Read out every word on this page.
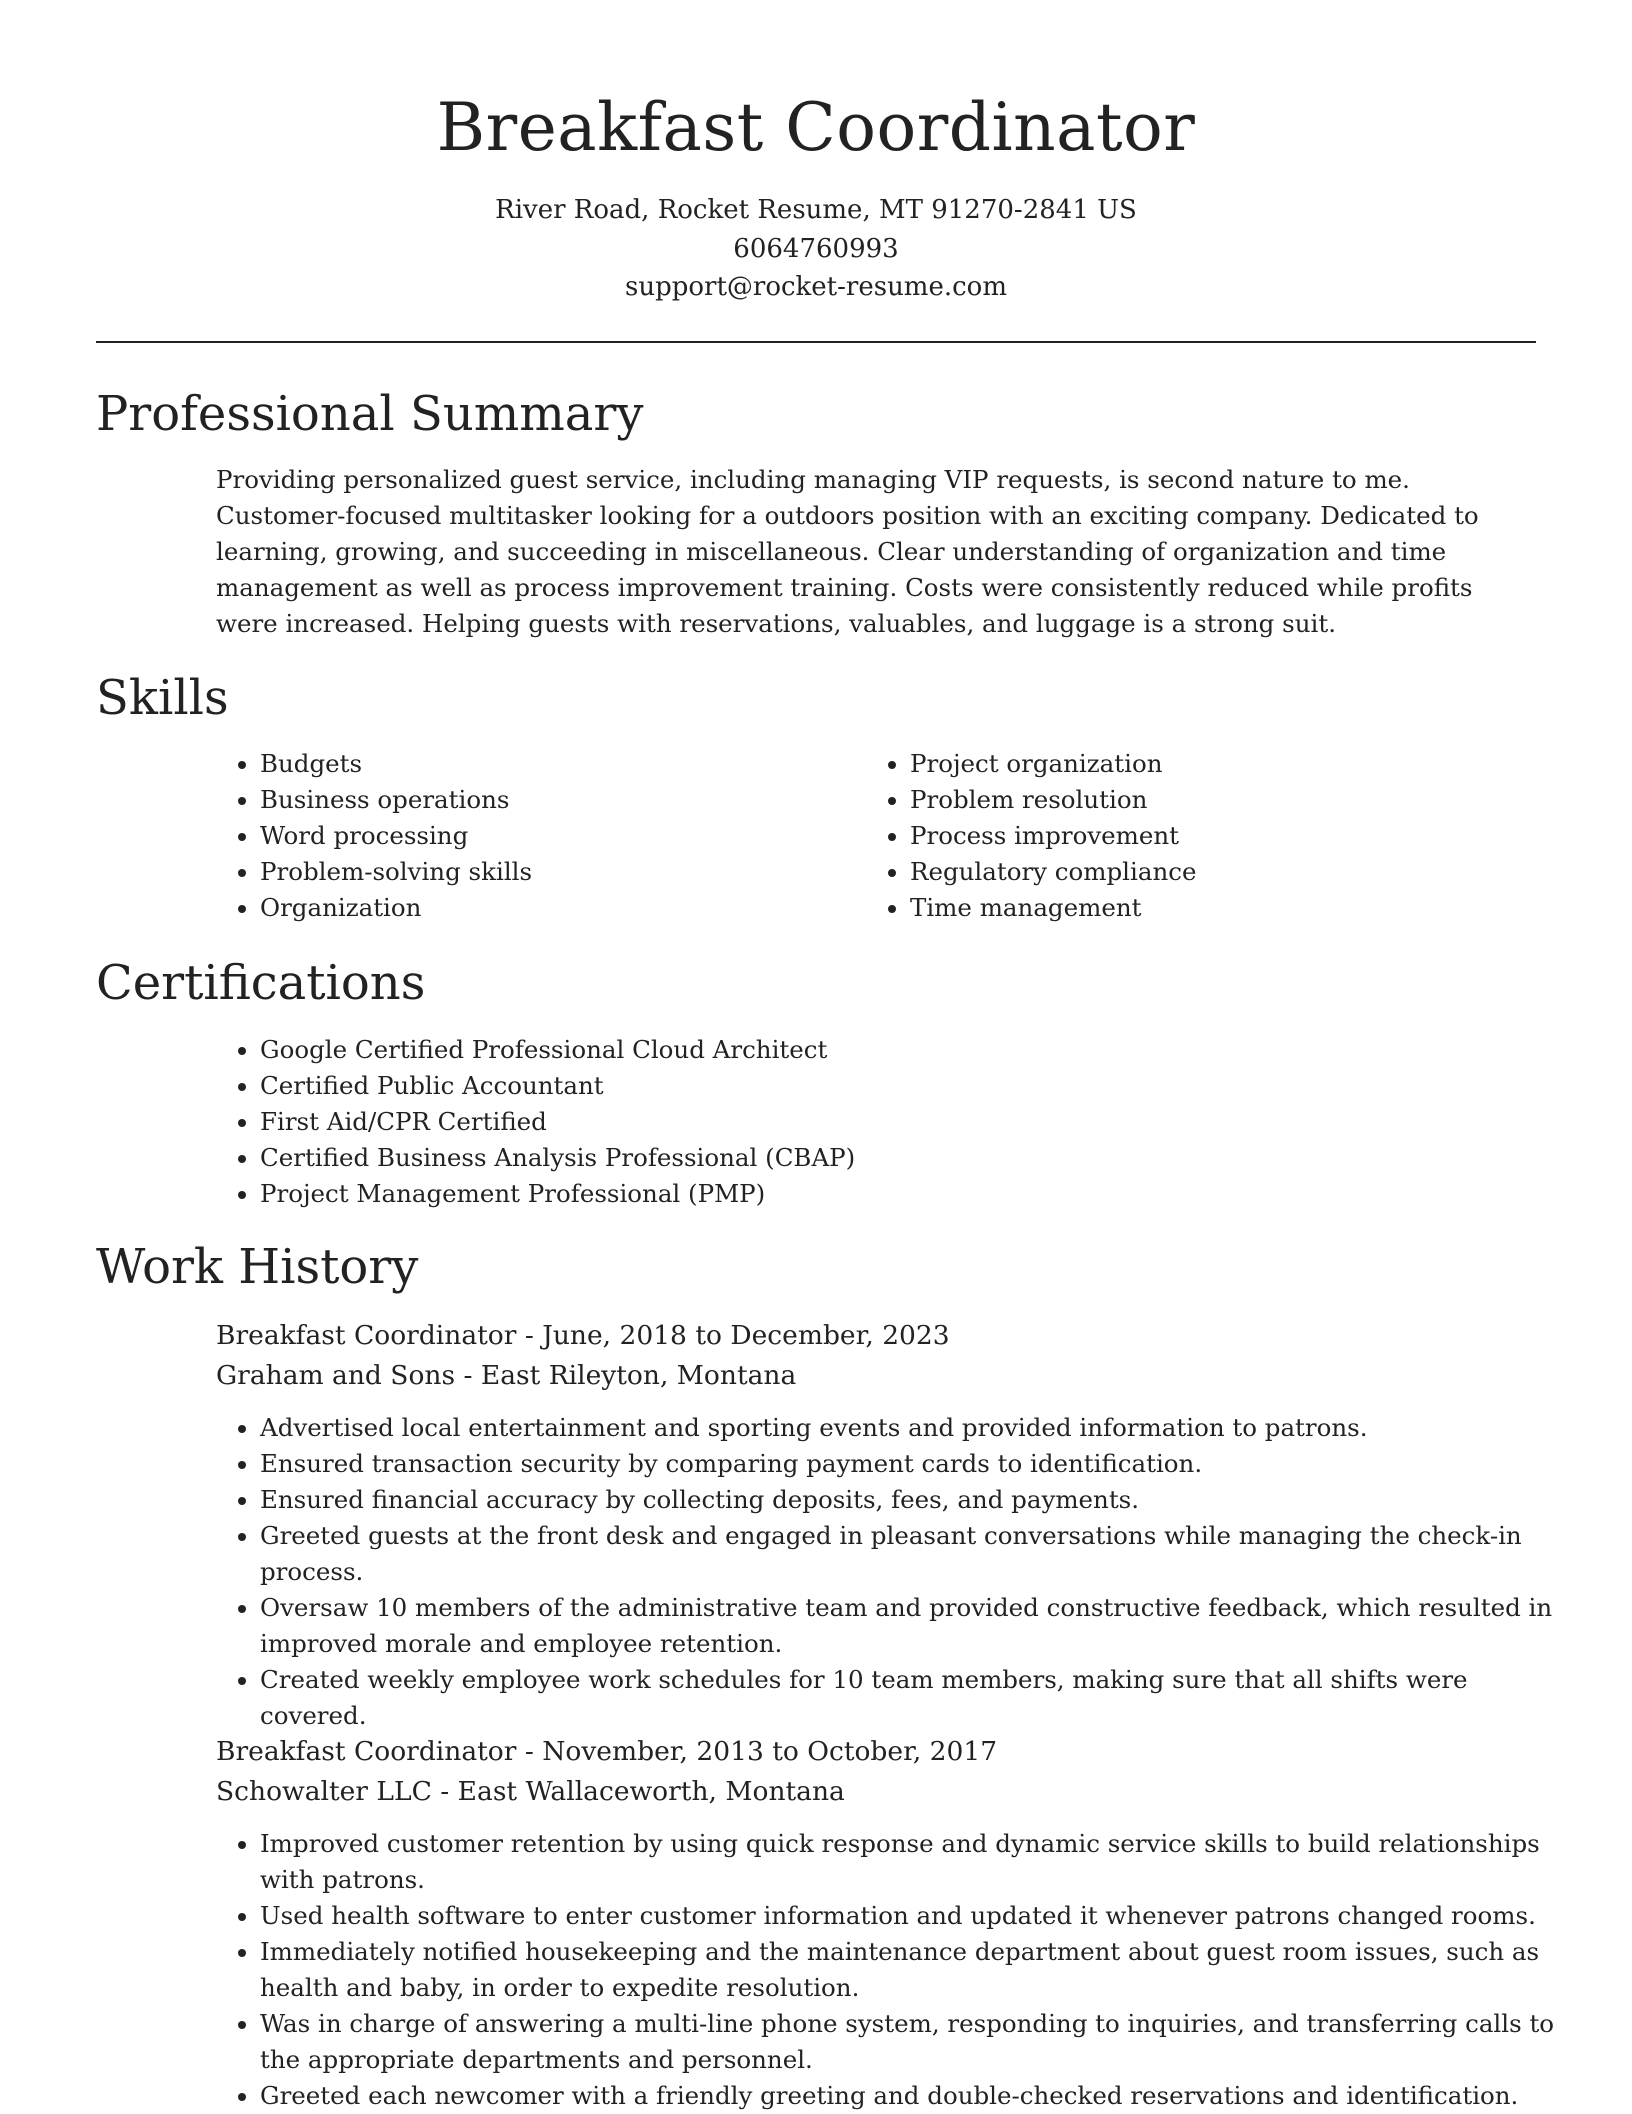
Breakfast Coordinator

River Road, Rocket Resume, MT 91270-2841 US

6064760993

support@rocket-resume.com

Professional Summary

Providing personalized guest service, including managing VIP requests, is second nature to me. Customer-focused multitasker looking for a outdoors position with an exciting company. Dedicated to learning, growing, and succeeding in miscellaneous. Clear understanding of organization and time management as well as process improvement training. Costs were consistently reduced while profits were increased. Helping guests with reservations, valuables, and luggage is a strong suit.

Skills
• Budgets
• Business operations
• Word processing
• Problem-solving skills
• Organization
• Project organization
• Problem resolution
• Process improvement
• Regulatory compliance
• Time management
Certifications
• Google Certified Professional Cloud Architect
• Certified Public Accountant
• First Aid/CPR Certified
• Certified Business Analysis Professional (CBAP)
• Project Management Professional (PMP)
Work History

Breakfast Coordinator - June, 2018 to December, 2023

Graham and Sons - East Rileyton, Montana

• Advertised local entertainment and sporting events and provided information to patrons.
• Ensured transaction security by comparing payment cards to identification.
• Ensured financial accuracy by collecting deposits, fees, and payments.
• Greeted guests at the front desk and engaged in pleasant conversations while managing the check-in process.
• Oversaw 10 members of the administrative team and provided constructive feedback, which resulted in improved morale and employee retention.
• Created weekly employee work schedules for 10 team members, making sure that all shifts were covered.

Breakfast Coordinator - November, 2013 to October, 2017

Schowalter LLC - East Wallaceworth, Montana

• Improved customer retention by using quick response and dynamic service skills to build relationships with patrons.
• Used health software to enter customer information and updated it whenever patrons changed rooms.
• Immediately notified housekeeping and the maintenance department about guest room issues, such as health and baby, in order to expedite resolution.
• Was in charge of answering a multi-line phone system, responding to inquiries, and transferring calls to the appropriate departments and personnel.
• Greeted each newcomer with a friendly greeting and double-checked reservations and identification.
